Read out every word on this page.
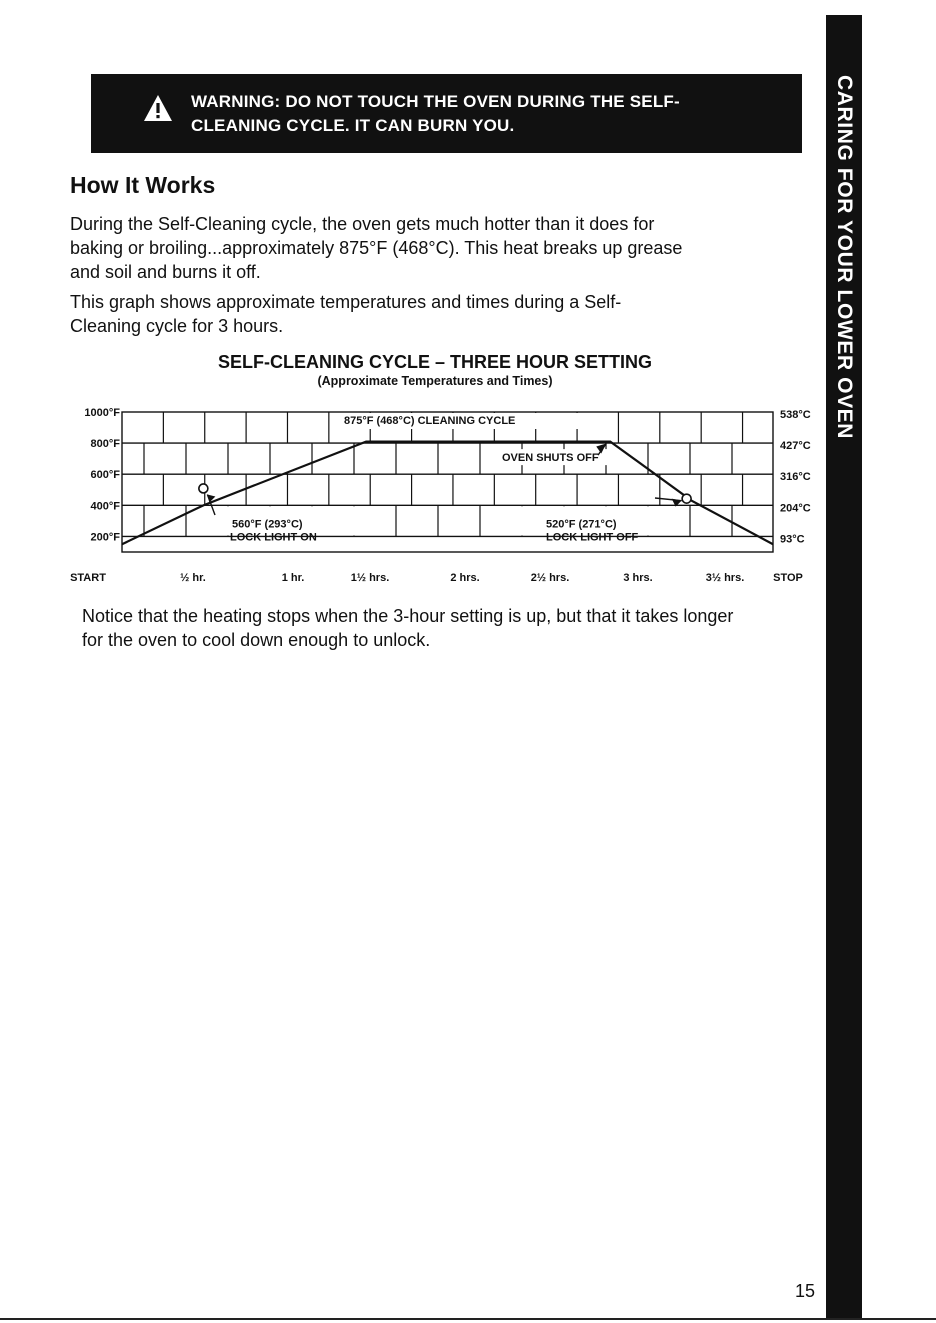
WARNING: DO NOT TOUCH THE OVEN DURING THE SELF-
CLEANING CYCLE. IT CAN BURN YOU.	CARING FOR YOUR LOWER OVEN
How It Works
During the Self-Cleaning cycle, the oven gets much hotter than it does for
baking or broiling...approximately 875°F (468°C). This heat breaks up grease
and soil and burns it off.
This graph shows approximate temperatures and times during a Self-
Cleaning cycle for 3 hours.
SELF-CLEANING CYCLE – THREE HOUR SETTING
(Approximate Temperatures and Times)
875°F (468°C) CLEANING CYCLE
OVEN SHUTS OFF
560°F (293°C)
LOCK LIGHT ON
520°F (271°C)
LOCK LIGHT OFF
1000°F
800°F
600°F
400°F
200°F
538°C
427°C
316°C
204°C
93°C
START	½ hr.	1 hr.	1½ hrs.	2 hrs.	2½ hrs.	3 hrs.	3½ hrs.	STOP
Notice that the heating stops when the 3-hour setting is up, but that it takes longer
for the oven to cool down enough to unlock.
15
